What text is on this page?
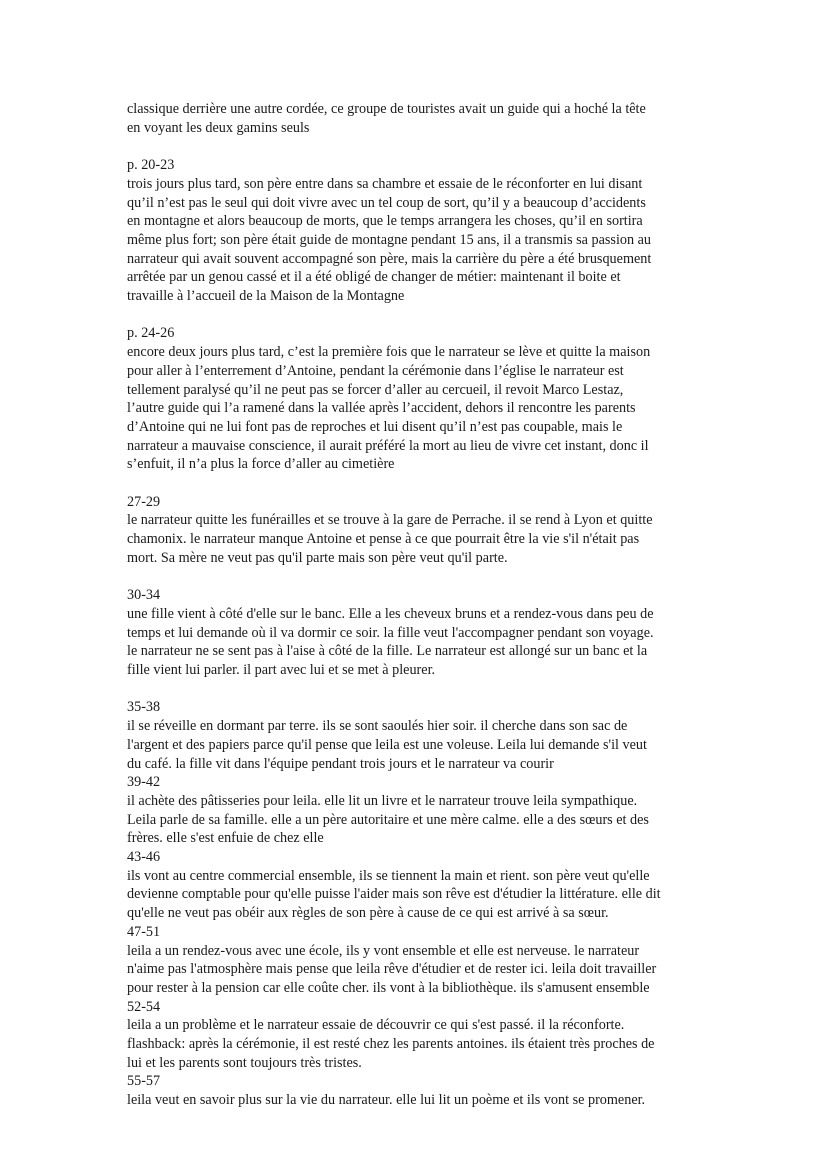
classique derrière une autre cordée, ce groupe de touristes avait un guide qui a hoché la tête
en voyant les deux gamins seuls
p. 20-23
trois jours plus tard, son père entre dans sa chambre et essaie de le réconforter en lui disant
qu’il n’est pas le seul qui doit vivre avec un tel coup de sort, qu’il y a beaucoup d’accidents
en montagne et alors beaucoup de morts, que le temps arrangera les choses, qu’il en sortira
même plus fort; son père était guide de montagne pendant 15 ans, il a transmis sa passion au
narrateur qui avait souvent accompagné son père, mais la carrière du père a été brusquement
arrêtée par un genou cassé et il a été obligé de changer de métier: maintenant il boite et
travaille à l’accueil de la Maison de la Montagne
p. 24-26
encore deux jours plus tard, c’est la première fois que le narrateur se lève et quitte la maison
pour aller à l’enterrement d’Antoine, pendant la cérémonie dans l’église le narrateur est
tellement paralysé qu’il ne peut pas se forcer d’aller au cercueil, il revoit Marco Lestaz,
l’autre guide qui l’a ramené dans la vallée après l’accident, dehors il rencontre les parents
d’Antoine qui ne lui font pas de reproches et lui disent qu’il n’est pas coupable, mais le
narrateur a mauvaise conscience, il aurait préféré la mort au lieu de vivre cet instant, donc il
s’enfuit, il n’a plus la force d’aller au cimetière
27-29
le narrateur quitte les funérailles et se trouve à la gare de Perrache. il se rend à Lyon et quitte
chamonix. le narrateur manque Antoine et pense à ce que pourrait être la vie s'il n'était pas
mort. Sa mère ne veut pas qu'il parte mais son père veut qu'il parte.
30-34
une fille vient à côté d'elle sur le banc. Elle a les cheveux bruns et a rendez-vous dans peu de
temps et lui demande où il va dormir ce soir. la fille veut l'accompagner pendant son voyage.
le narrateur ne se sent pas à l'aise à côté de la fille. Le narrateur est allongé sur un banc et la
fille vient lui parler. il part avec lui et se met à pleurer.
35-38
il se réveille en dormant par terre. ils se sont saoulés hier soir. il cherche dans son sac de
l'argent et des papiers parce qu'il pense que leila est une voleuse. Leila lui demande s'il veut
du café. la fille vit dans l'équipe pendant trois jours et le narrateur va courir
39-42
il achète des pâtisseries pour leila. elle lit un livre et le narrateur trouve leila sympathique.
Leila parle de sa famille. elle a un père autoritaire et une mère calme. elle a des sœurs et des
frères. elle s'est enfuie de chez elle
43-46
ils vont au centre commercial ensemble, ils se tiennent la main et rient. son père veut qu'elle
devienne comptable pour qu'elle puisse l'aider mais son rêve est d'étudier la littérature. elle dit
qu'elle ne veut pas obéir aux règles de son père à cause de ce qui est arrivé à sa sœur.
47-51
leila a un rendez-vous avec une école, ils y vont ensemble et elle est nerveuse. le narrateur
n'aime pas l'atmosphère mais pense que leila rêve d'étudier et de rester ici. leila doit travailler
pour rester à la pension car elle coûte cher. ils vont à la bibliothèque. ils s'amusent ensemble
52-54
leila a un problème et le narrateur essaie de découvrir ce qui s'est passé. il la réconforte.
flashback: après la cérémonie, il est resté chez les parents antoines. ils étaient très proches de
lui et les parents sont toujours très tristes.
55-57
leila veut en savoir plus sur la vie du narrateur. elle lui lit un poème et ils vont se promener.
